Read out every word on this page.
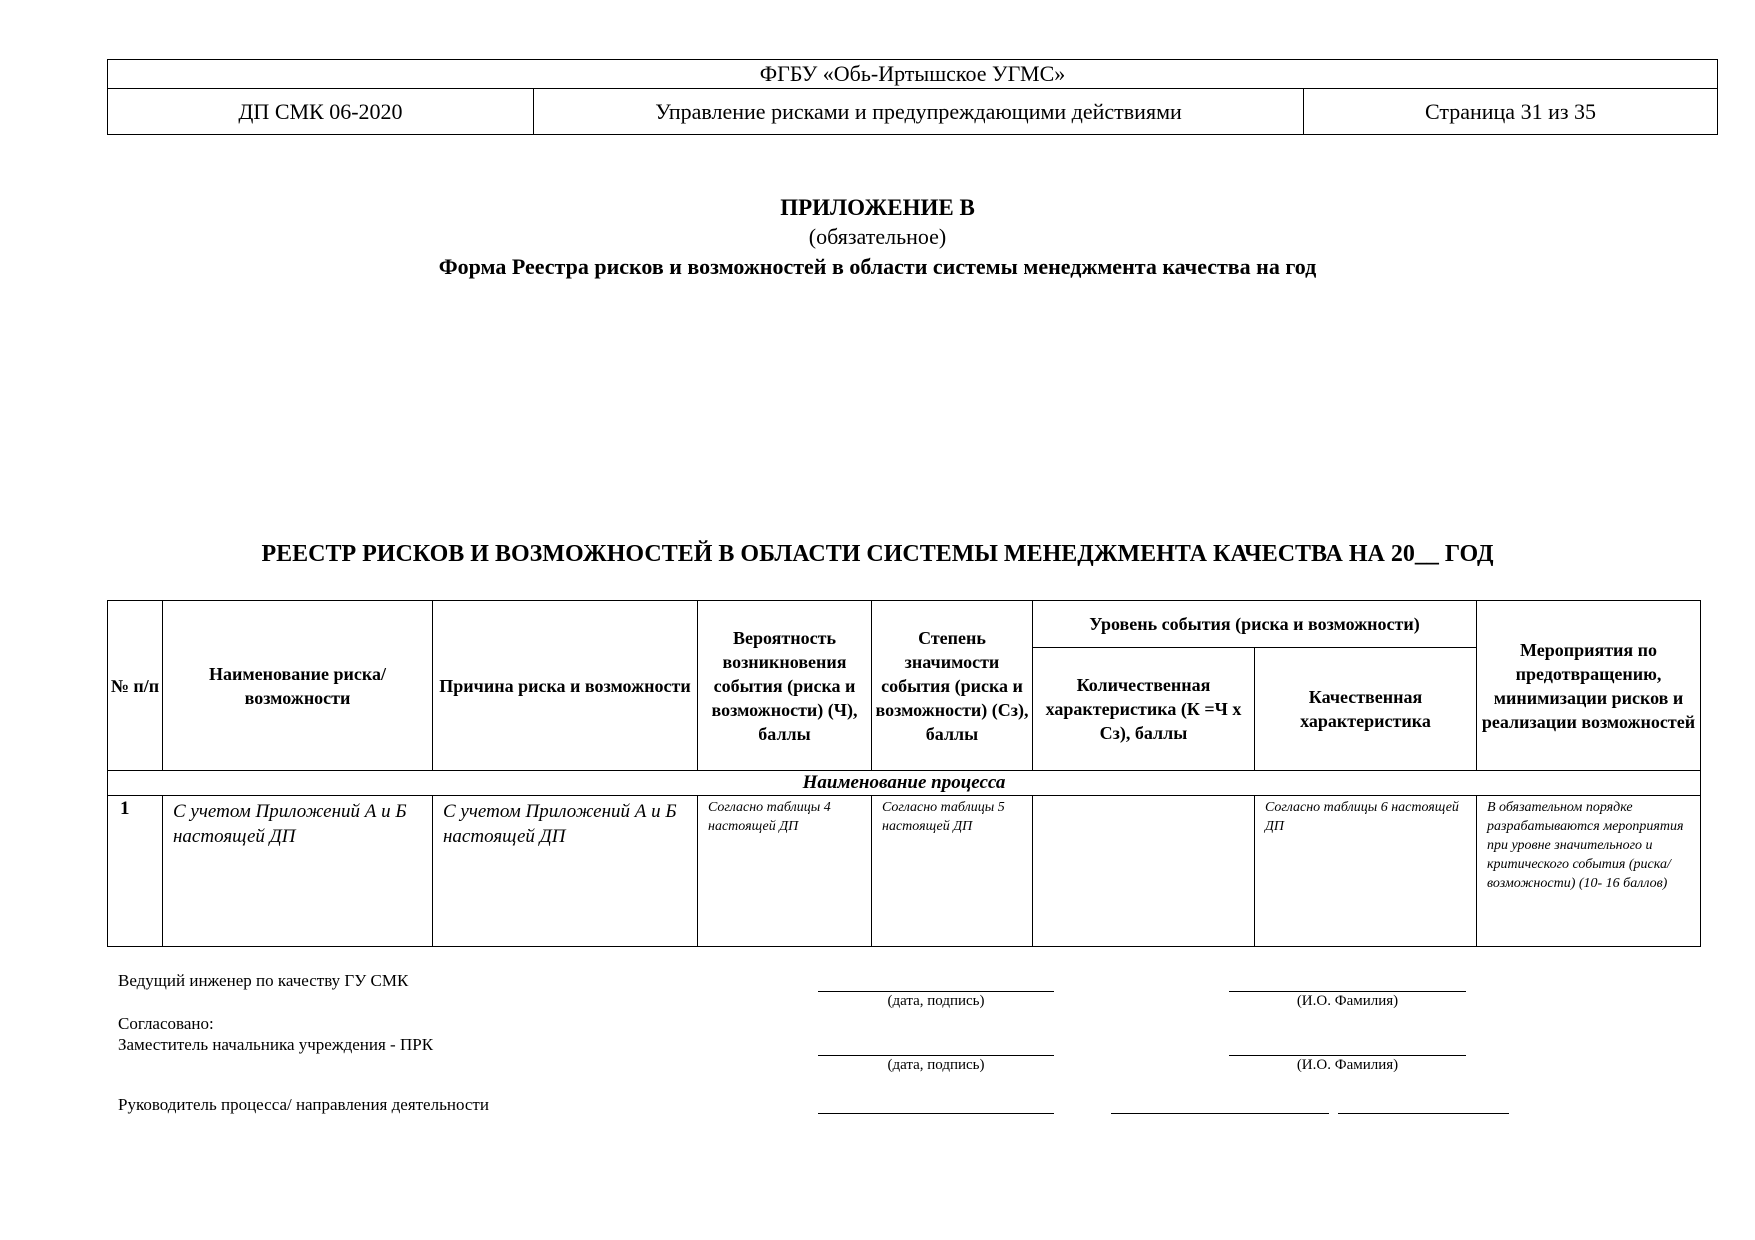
ФГБУ «Обь-Иртышское УГМС»
ДП СМК 06-2020	Управление рисками и предупреждающими действиями	Страница 31 из 35
ПРИЛОЖЕНИЕ В
(обязательное)
Форма Реестра рисков и возможностей в области системы менеджмента качества на год
РЕЕСТР РИСКОВ И ВОЗМОЖНОСТЕЙ В ОБЛАСТИ СИСТЕМЫ МЕНЕДЖМЕНТА КАЧЕСТВА НА 20__ ГОД
№ п/п	Наименование риска/ возможности	Причина риска и возможности	Вероятность возникновения события (риска и возможности) (Ч), баллы	Степень значимости события (риска и возможности) (Сз), баллы	Уровень события (риска и возможности)		Мероприятия по предотвращению, минимизации рисков и реализации возможностей
					Количественная характеристика (К =Ч х Сз), баллы	Качественная характеристика	
Наименование процесса							
1	С учетом Приложений А и Б настоящей ДП	С учетом Приложений А и Б настоящей ДП	Согласно таблицы 4 настоящей ДП	Согласно таблицы 5 настоящей ДП		Согласно таблицы 6 настоящей ДП	В обязательном порядке разрабатываются мероприятия при уровне значительного и критического события (риска/возможности) (10- 16 баллов)
Ведущий инженер по качеству ГУ СМК
(дата, подпись)	(И.О. Фамилия)
Согласовано:
Заместитель начальника учреждения - ПРК
(дата, подпись)	(И.О. Фамилия)
Руководитель процесса/ направления деятельности
